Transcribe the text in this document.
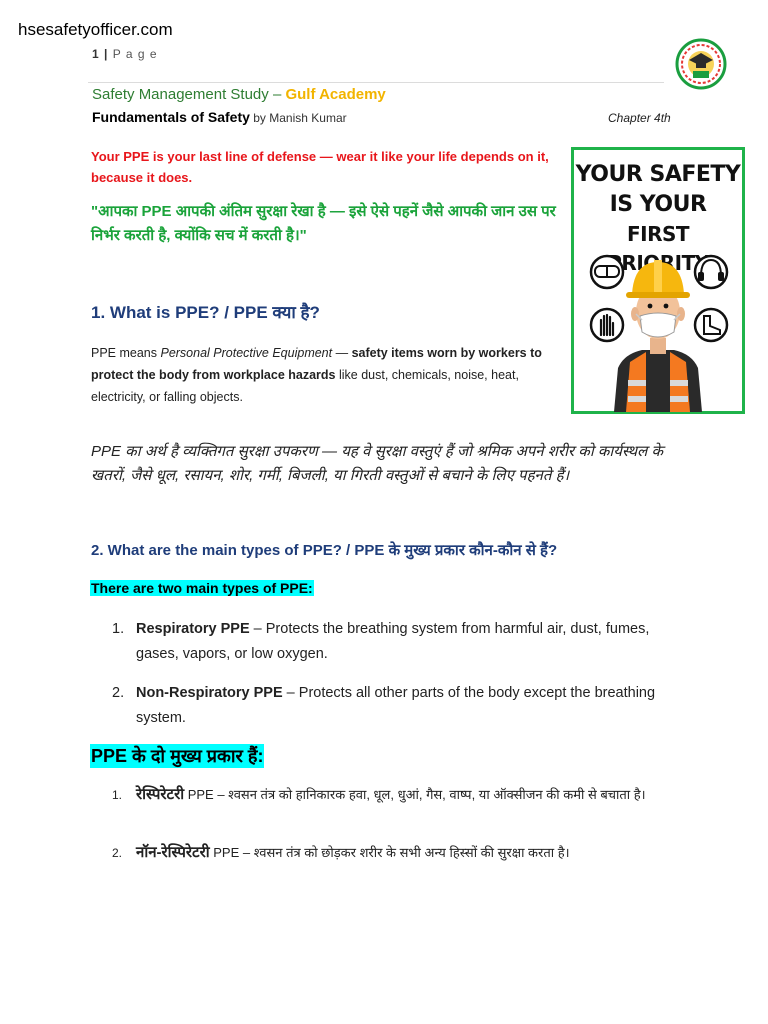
hsesafetyofficer.com
1 | P a g e
Safety Management Study – Gulf Academy
Fundamentals of Safety by Manish Kumar	Chapter 4th
Your PPE is your last line of defense — wear it like your life depends on it, because it does.
"आपका PPE आपकी अंतिम सुरक्षा रेखा है — इसे ऐसे पहनें जैसे आपकी जान उस पर निर्भर करती है, क्योंकि सच में करती है।"
YOUR SAFETY
IS YOUR
FIRST
1. What is PPE? / PPE क्या है?
PPE means Personal Protective Equipment — safety items worn by workers to protect the body from workplace hazards like dust, chemicals, noise, heat, electricity, or falling objects.
PPE का अर्थ है व्यक्तिगत सुरक्षा उपकरण — यह वे सुरक्षा वस्तुएं हैं जो श्रमिक अपने शरीर को कार्यस्थल के खतरों, जैसे धूल, रसायन, शोर, गर्मी, बिजली, या गिरती वस्तुओं से बचाने के लिए पहनते हैं।
2. What are the main types of PPE? / PPE के मुख्य प्रकार कौन-कौन से हैं?
There are two main types of PPE:
1. Respiratory PPE – Protects the breathing system from harmful air, dust, fumes, gases, vapors, or low oxygen.
2. Non-Respiratory PPE – Protects all other parts of the body except the breathing system.
PPE के दो मुख्य प्रकार हैं:
1. रेस्पिरेटरी PPE – श्वसन तंत्र को हानिकारक हवा, धूल, धुआं, गैस, वाष्प, या ऑक्सीजन की कमी से बचाता है।
2. नॉन-रेस्पिरेटरी PPE – श्वसन तंत्र को छोड़कर शरीर के सभी अन्य हिस्सों की सुरक्षा करता है।
